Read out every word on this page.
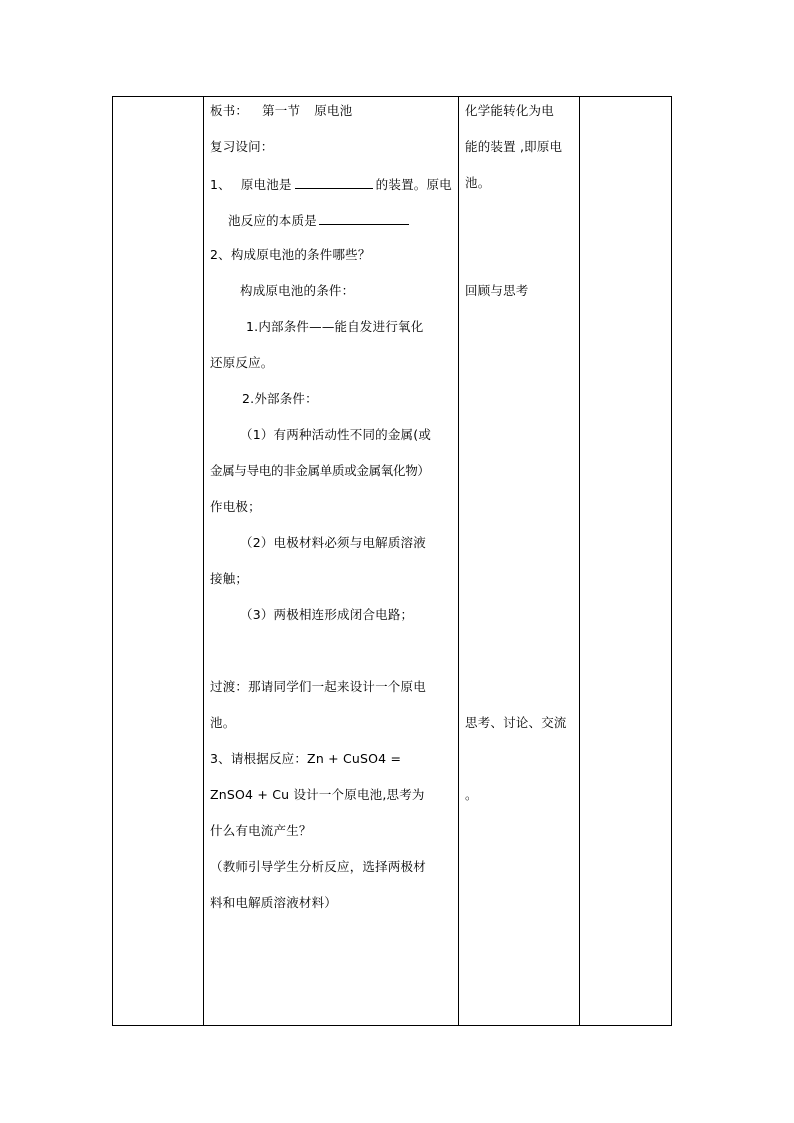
板书： 第一节 原电池
复习设问：
1、 原电池是	的装置。原电
池反应的本质是
2、构成原电池的条件哪些？
构成原电池的条件：
1.内部条件——能自发进行氧化
还原反应。
2.外部条件：
（1）有两种活动性不同的金属(或
金属与导电的非金属单质或金属氧化物）
作电极；
（2）电极材料必须与电解质溶液
接触；
（3）两极相连形成闭合电路；
过渡：那请同学们一起来设计一个原电
池。
3、请根据反应：Zn + CuSO4 =
ZnSO4 + Cu 设计一个原电池,思考为
什么有电流产生？
（教师引导学生分析反应，选择两极材
料和电解质溶液材料）

化学能转化为电
能的装置 ,即原电
池。
回顾与思考
思考、讨论、交流
。
